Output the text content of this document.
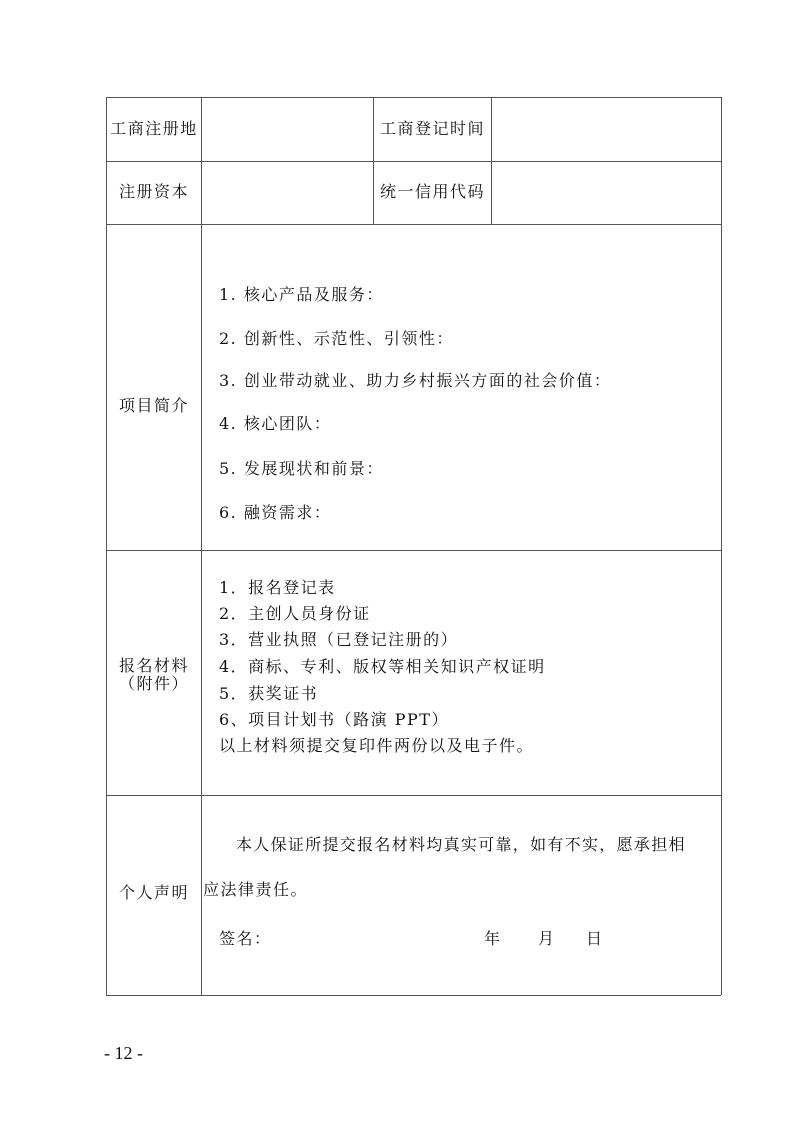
工商注册地	工商登记时间
注册资本	统一信用代码
项目简介
1. 核心产品及服务：
2. 创新性、示范性、引领性：
3. 创业带动就业、助力乡村振兴方面的社会价值：
4. 核心团队：
5. 发展现状和前景：
6. 融资需求：
报名材料
（附件）
1．报名登记表
2．主创人员身份证
3．营业执照（已登记注册的）
4．商标、专利、版权等相关知识产权证明
5．获奖证书
6、项目计划书（路演 PPT）
以上材料须提交复印件两份以及电子件。
个人声明
本人保证所提交报名材料均真实可靠，如有不实，愿承担相
应法律责任。
签名：	年 月 日
- 12 -
